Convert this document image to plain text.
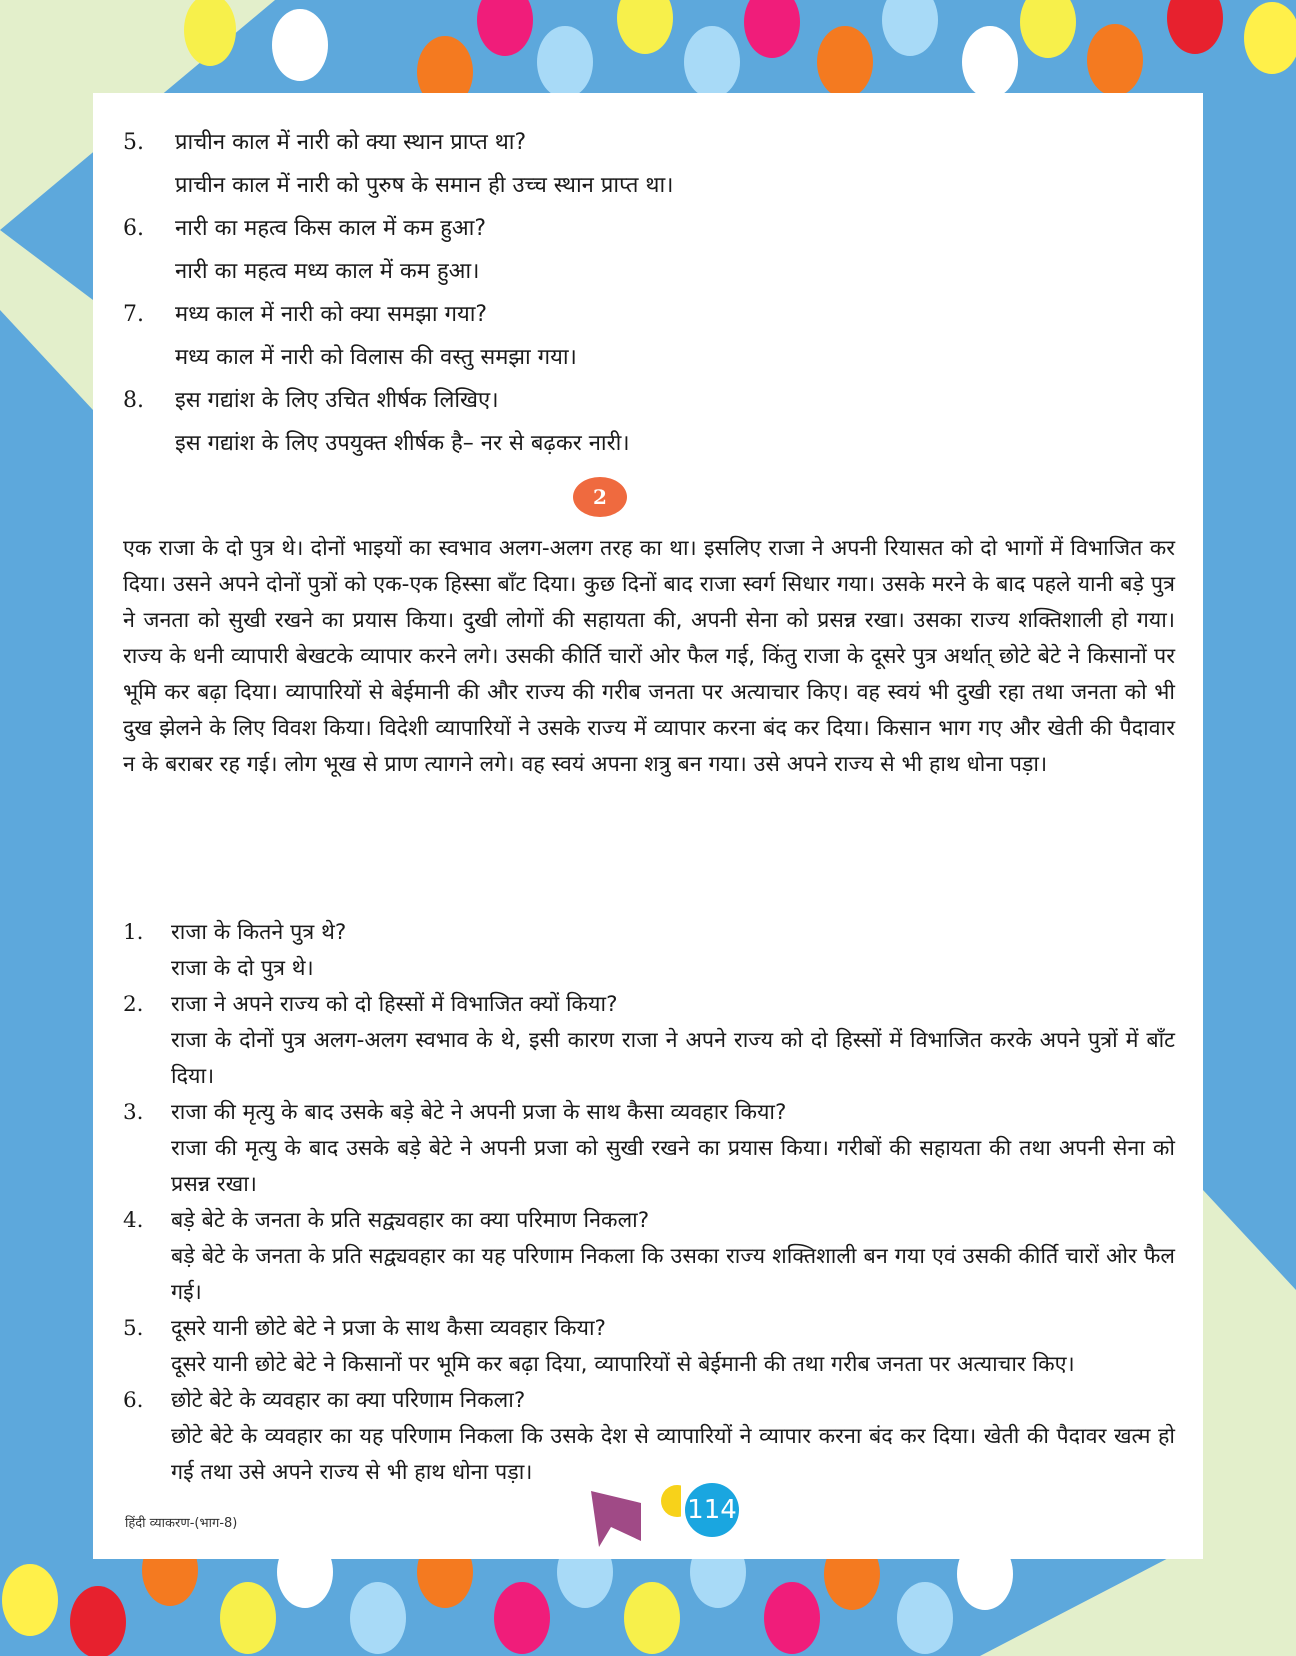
5.	प्राचीन काल में नारी को क्या स्थान प्राप्त था?
प्राचीन काल में नारी को पुरुष के समान ही उच्च स्थान प्राप्त था।
6.	नारी का महत्व किस काल में कम हुआ?
नारी का महत्व मध्य काल में कम हुआ।
7.	मध्य काल में नारी को क्या समझा गया?
मध्य काल में नारी को विलास की वस्तु समझा गया।
8.	इस गद्यांश के लिए उचित शीर्षक लिखिए।
इस गद्यांश के लिए उपयुक्त शीर्षक है– नर से बढ़कर नारी।
2

एक राजा के दो पुत्र थे। दोनों भाइयों का स्वभाव अलग-अलग तरह का था। इसलिए राजा ने अपनी रियासत को दो भागों में विभाजित कर दिया। उसने अपने दोनों पुत्रों को एक-एक हिस्सा बाँट दिया। कुछ दिनों बाद राजा स्वर्ग सिधार गया। उसके मरने के बाद पहले यानी बड़े पुत्र ने जनता को सुखी रखने का प्रयास किया। दुखी लोगों की सहायता की, अपनी सेना को प्रसन्न रखा। उसका राज्य शक्तिशाली हो गया। राज्य के धनी व्यापारी बेखटके व्यापार करने लगे। उसकी कीर्ति चारों ओर फैल गई, किंतु राजा के दूसरे पुत्र अर्थात् छोटे बेटे ने किसानों पर भूमि कर बढ़ा दिया। व्यापारियों से बेईमानी की और राज्य की गरीब जनता पर अत्याचार किए। वह स्वयं भी दुखी रहा तथा जनता को भी दुख झेलने के लिए विवश किया। विदेशी व्यापारियों ने उसके राज्य में व्यापार करना बंद कर दिया। किसान भाग गए और खेती की पैदावार न के बराबर रह गई। लोग भूख से प्राण त्यागने लगे। वह स्वयं अपना शत्रु बन गया। उसे अपने राज्य से भी हाथ धोना पड़ा।

1.	राजा के कितने पुत्र थे?
राजा के दो पुत्र थे।
2.	राजा ने अपने राज्य को दो हिस्सों में विभाजित क्यों किया?
राजा के दोनों पुत्र अलग-अलग स्वभाव के थे, इसी कारण राजा ने अपने राज्य को दो हिस्सों में विभाजित करके अपने पुत्रों में बाँट दिया।
3.	राजा की मृत्यु के बाद उसके बड़े बेटे ने अपनी प्रजा के साथ कैसा व्यवहार किया?
राजा की मृत्यु के बाद उसके बड़े बेटे ने अपनी प्रजा को सुखी रखने का प्रयास किया। गरीबों की सहायता की तथा अपनी सेना को प्रसन्न रखा।
4.	बड़े बेटे के जनता के प्रति सद्व्यवहार का क्या परिमाण निकला?
बड़े बेटे के जनता के प्रति सद्व्यवहार का यह परिणाम निकला कि उसका राज्य शक्तिशाली बन गया एवं उसकी कीर्ति चारों ओर फैल गई।
5.	दूसरे यानी छोटे बेटे ने प्रजा के साथ कैसा व्यवहार किया?
दूसरे यानी छोटे बेटे ने किसानों पर भूमि कर बढ़ा दिया, व्यापारियों से बेईमानी की तथा गरीब जनता पर अत्याचार किए।
6.	छोटे बेटे के व्यवहार का क्या परिणाम निकला?
छोटे बेटे के व्यवहार का यह परिणाम निकला कि उसके देश से व्यापारियों ने व्यापार करना बंद कर दिया। खेती की पैदावर खत्म हो गई तथा उसे अपने राज्य से भी हाथ धोना पड़ा।
हिंदी व्याकरण-(भाग-8)	114
